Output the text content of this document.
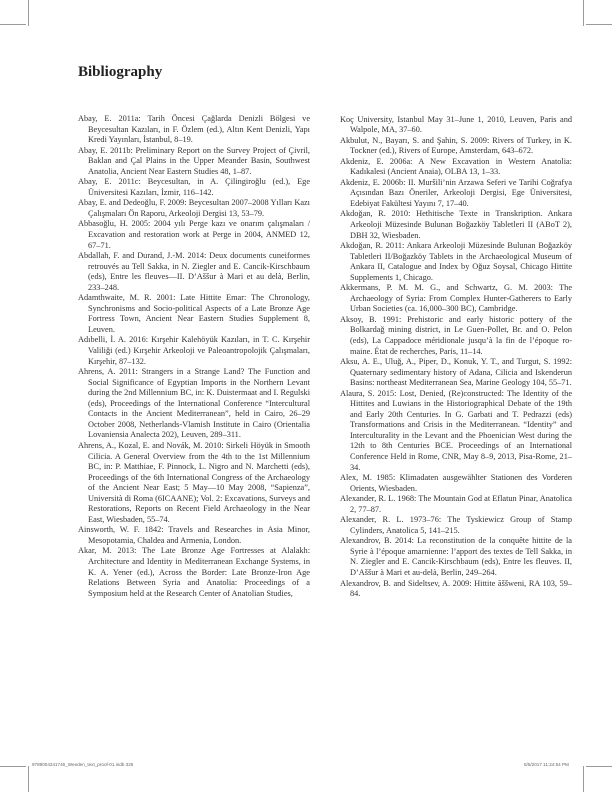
Bibliography

Abay, E. 2011a: Tarih Öncesi Çağlarda Denizli Bölgesi ve Beycesultan Kazıları, in F. Özlem (ed.), Altın Kent Denizli, Yapı Kredi Yayınları, İstanbul, 8–19.

Abay, E. 2011b: Preliminary Report on the Survey Project of Çivril, Baklan and Çal Plains in the Upper Meander Basin, Southwest Anatolia, Ancient Near Eastern Studies 48, 1–87.

Abay, E. 2011c: Beycesultan, in A. Çilingiroğlu (ed.), Ege Üniversitesi Kazıları, İzmir, 116–142.

Abay, E. and Dedeoğlu, F. 2009: Beycesultan 2007–2008 Yılları Kazı Çalışmaları Ön Raporu, Arkeoloji Dergisi 13, 53–79.

Abbasoğlu, H. 2005: 2004 yılı Perge kazı ve onarım çalışmaları / Excavation and restoration work at Perge in 2004, ANMED 12, 67–71.

Abdallah, F. and Durand, J.-M. 2014: Deux documents cuneiformes retrouvés au Tell Sakka, in N. Ziegler and E. Cancik-Kirschbaum (eds), Entre les fleuves—II. D’Aššur à Mari et au delà, Berlin, 233–248.

Adamthwaite, M. R. 2001: Late Hittite Emar: The Chronology, Synchronisms and Socio-political Aspects of a Late Bronze Age Fortress Town, Ancient Near Eastern Studies Supplement 8, Leuven.

Adıbelli, İ. A. 2016: Kırşehir Kalehöyük Kazıları, in T. C. Kırşehir Valiliği (ed.) Kırşehir Arkeoloji ve Paleoantropolojik Çalışmaları, Kırşehir, 87–132.

Ahrens, A. 2011: Strangers in a Strange Land? The Function and Social Significance of Egyptian Imports in the Northern Levant during the 2nd Millennium BC, in: K. Duistermaat and I. Regulski (eds), Proceedings of the International Conference “Intercultural Contacts in the Ancient Mediterranean”, held in Cairo, 26–29 October 2008, Netherlands-Vlamish Institute in Cairo (Orientalia Lovaniensia Analecta 202), Leuven, 289–311.

Ahrens, A., Kozal, E. and Novák, M. 2010: Sirkeli Höyük in Smooth Cilicia. A General Overview from the 4th to the 1st Millennium BC, in: P. Matthiae, F. Pinnock, L. Nigro and N. Marchetti (eds), Proceedings of the 6th International Congress of the Archaeology of the Ancient Near East; 5 May—10 May 2008, “Sapienza”, Università di Roma (6ICAANE); Vol. 2: Excavations, Surveys and Restorations, Reports on Recent Field Archaeology in the Near East, Wiesbaden, 55–74.

Ainsworth, W. F. 1842: Travels and Researches in Asia Minor, Mesopotamia, Chaldea and Armenia, London.

Akar, M. 2013: The Late Bronze Age Fortresses at Alalakh: Architecture and Identity in Mediterranean Exchange Systems, in K. A. Yener (ed.), Across the Border: Late Bronze-Iron Age Relations Between Syria and Anatolia: Proceedings of a Symposium held at the Research Center of Anatolian Studies,

Koç University, Istanbul May 31–June 1, 2010, Leuven, Paris and Walpole, MA, 37–60.

Akbulut, N., Bayarı, S. and Şahin, S. 2009: Rivers of Turkey, in K. Tockner (ed.), Rivers of Europe, Amsterdam, 643–672.

Akdeniz, E. 2006a: A New Excavation in Western Anatolia: Kadıkalesi (Ancient Anaia), OLBA 13, 1–33.

Akdeniz, E. 2006b: II. Muršili’nin Arzawa Seferi ve Tarihi Coğrafya Açısından Bazı Öneriler, Arkeoloji Dergisi, Ege Üniversitesi, Edebiyat Fakültesi Yayını 7, 17–40.

Akdoğan, R. 2010: Hethitische Texte in Transkription. Ankara Arkeoloji Müzesinde Bulunan Boğazköy Tabletleri II (ABoT 2), DBH 32, Wiesbaden.

Akdoğan, R. 2011: Ankara Arkeoloji Müzesinde Bulunan Boğazköy Tabletleri II/Boğazköy Tablets in the Archaeological Museum of Ankara II, Catalogue and Index by Oğuz Soysal, Chicago Hittite Supplements 1, Chicago.

Akkermans, P. M. M. G., and Schwartz, G. M. 2003: The Archaeology of Syria: From Complex Hunter-Gatherers to Early Urban Societies (ca. 16,000–300 BC), Cambridge.

Aksoy, B. 1991: Prehistoric and early historic pottery of the Bolkardağ mining district, in Le Guen-Pollet, Br. and O. Pelon (eds), La Cappadoce méridionale jusqu’à la fin de l’époque romaine. État de recherches, Paris, 11–14.

Aksu, A. E., Uluğ, A., Piper, D., Konuk, Y. T., and Turgut, S. 1992: Quaternary sedimentary history of Adana, Cilicia and Iskenderun Basins: northeast Mediterranean Sea, Marine Geology 104, 55–71.

Alaura, S. 2015: Lost, Denied, (Re)constructed: The Identity of the Hittites and Luwians in the Historiographical Debate of the 19th and Early 20th Centuries. In G. Garbati and T. Pedrazzi (eds) Transformations and Crisis in the Mediterranean. “Identity” and Interculturality in the Levant and the Phoenician West during the 12th to 8th Centuries BCE. Proceedings of an International Conference Held in Rome, CNR, May 8–9, 2013, Pisa-Rome, 21–34.

Alex, M. 1985: Klimadaten ausgewählter Stationen des Vorderen Orients, Wiesbaden.

Alexander, R. L. 1968: The Mountain God at Eflatun Pinar, Anatolica 2, 77–87.

Alexander, R. L. 1973–76: The Tyskiewicz Group of Stamp Cylinders, Anatolica 5, 141–215.

Alexandrov, B. 2014: La reconstitution de la conquête hittite de la Syrie à l’époque amarnienne: l’apport des textes de Tell Sakka, in N. Ziegler and E. Cancik-Kirschbaum (eds), Entre les fleuves. II, D’Aššur à Mari et au-delà, Berlin, 249–264.

Alexandrov, B. and Sideltsev, A. 2009: Hittite āššweni, RA 103, 59–84.

9789004341746_Weeden_text_proof-01.indb 325	5/5/2017 11:24:54 PM
